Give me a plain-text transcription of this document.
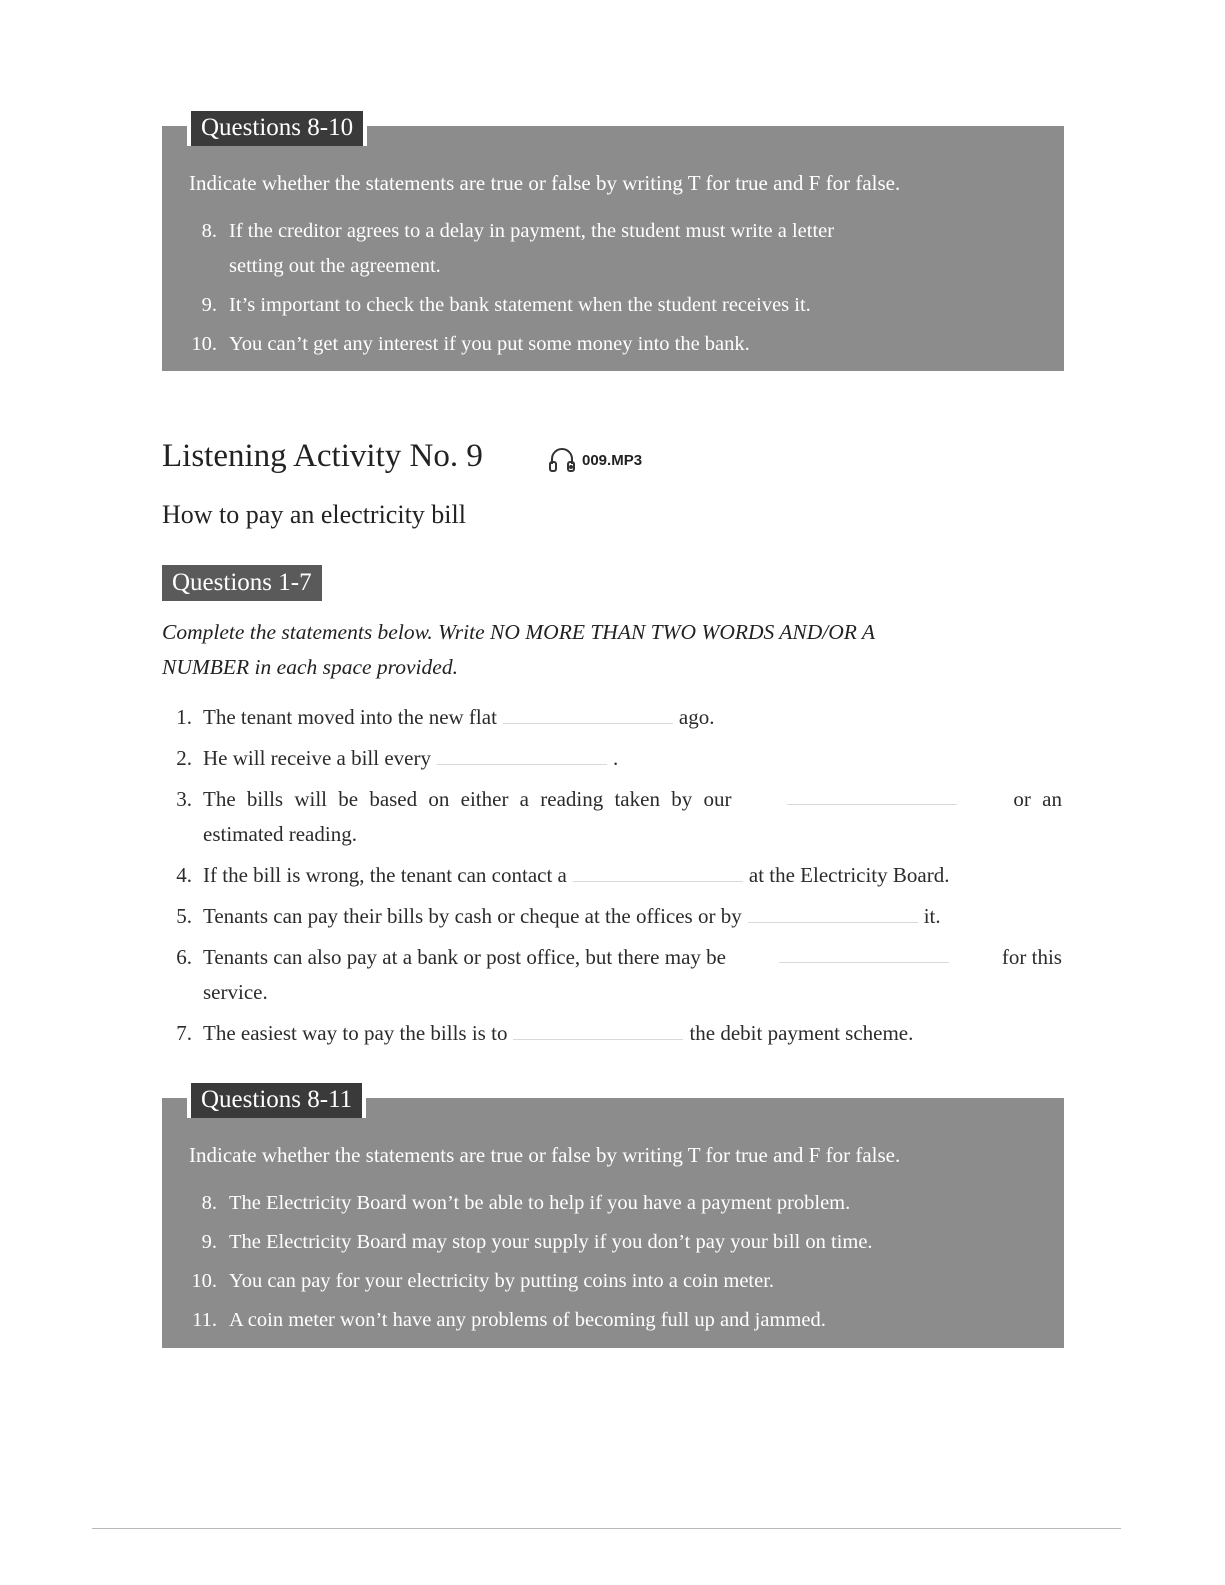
Questions 8-10
Indicate whether the statements are true or false by writing T for true and F for false.
8. If the creditor agrees to a delay in payment, the student must write a letter
setting out the agreement.
9. It’s important to check the bank statement when the student receives it.
10. You can’t get any interest if you put some money into the bank.
Listening Activity No. 9	009.MP3
How to pay an electricity bill
Questions 1-7
Complete the statements below. Write NO MORE THAN TWO WORDS AND/OR A
NUMBER in each space provided.
1. The tenant moved into the new flat	ago.
2. He will receive a bill every	.
3. The bills will be based on either a reading taken by our	or an
estimated reading.
4. If the bill is wrong, the tenant can contact a	at the Electricity Board.
5. Tenants can pay their bills by cash or cheque at the offices or by	it.
6. Tenants can also pay at a bank or post office, but there may be	for this
service.
7. The easiest way to pay the bills is to	the debit payment scheme.
Questions 8-11
Indicate whether the statements are true or false by writing T for true and F for false.
8. The Electricity Board won’t be able to help if you have a payment problem.
9. The Electricity Board may stop your supply if you don’t pay your bill on time.
10. You can pay for your electricity by putting coins into a coin meter.
11. A coin meter won’t have any problems of becoming full up and jammed.
